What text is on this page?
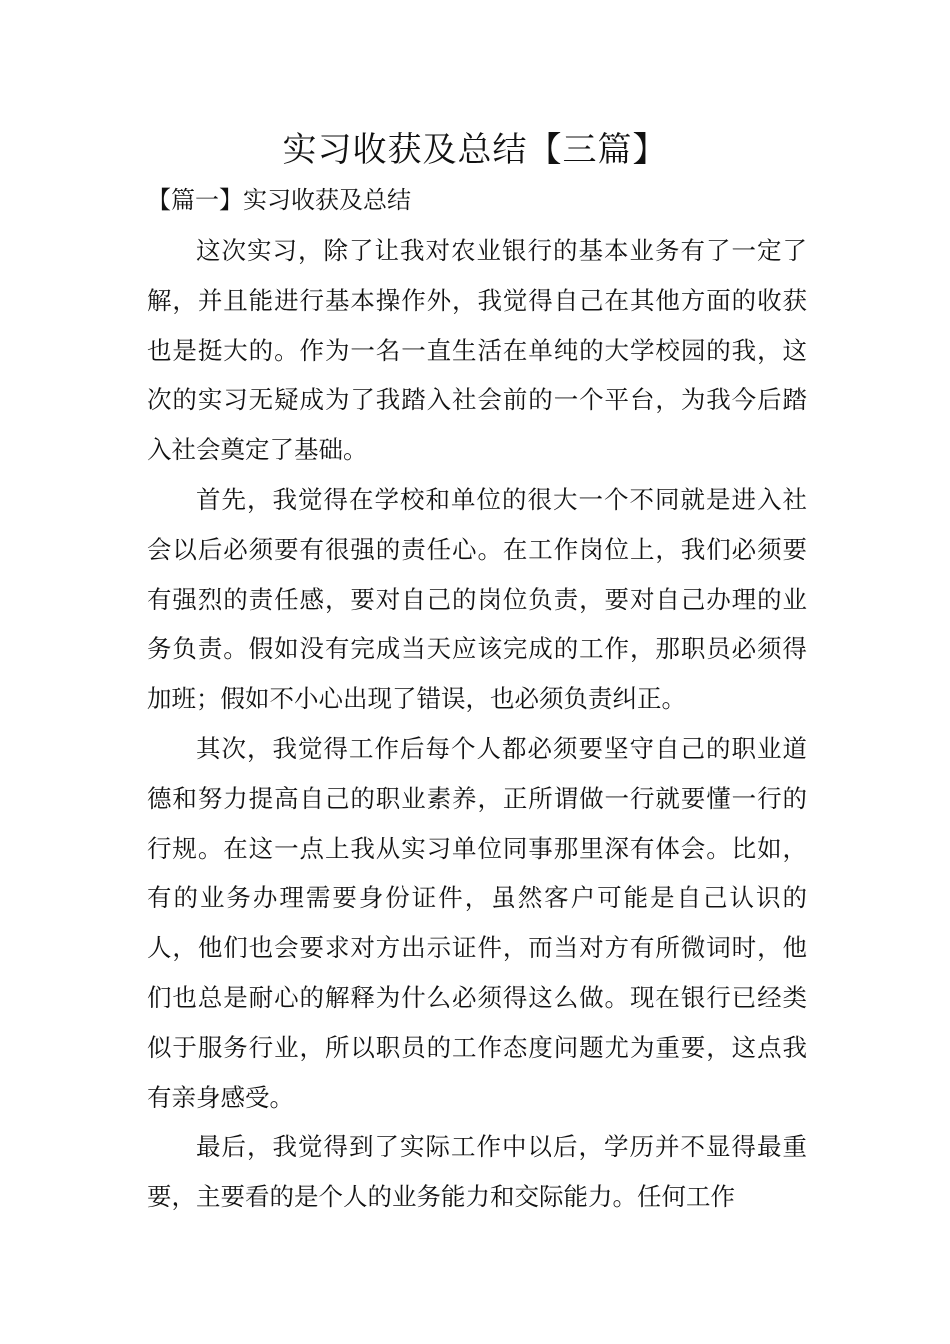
实习收获及总结【三篇】
【篇一】实习收获及总结

这次实习，除了让我对农业银行的基本业务有了一定了解，并且能进行基本操作外，我觉得自己在其他方面的收获也是挺大的。作为一名一直生活在单纯的大学校园的我，这次的实习无疑成为了我踏入社会前的一个平台，为我今后踏入社会奠定了基础。

首先，我觉得在学校和单位的很大一个不同就是进入社会以后必须要有很强的责任心。在工作岗位上，我们必须要有强烈的责任感，要对自己的岗位负责，要对自己办理的业务负责。假如没有完成当天应该完成的工作，那职员必须得加班；假如不小心出现了错误，也必须负责纠正。

其次，我觉得工作后每个人都必须要坚守自己的职业道德和努力提高自己的职业素养，正所谓做一行就要懂一行的行规。在这一点上我从实习单位同事那里深有体会。比如，有的业务办理需要身份证件，虽然客户可能是自己认识的人，他们也会要求对方出示证件，而当对方有所微词时，他们也总是耐心的解释为什么必须得这么做。现在银行已经类似于服务行业，所以职员的工作态度问题尤为重要，这点我有亲身感受。

最后，我觉得到了实际工作中以后，学历并不显得最重要，主要看的是个人的业务能力和交际能力。任何工作
